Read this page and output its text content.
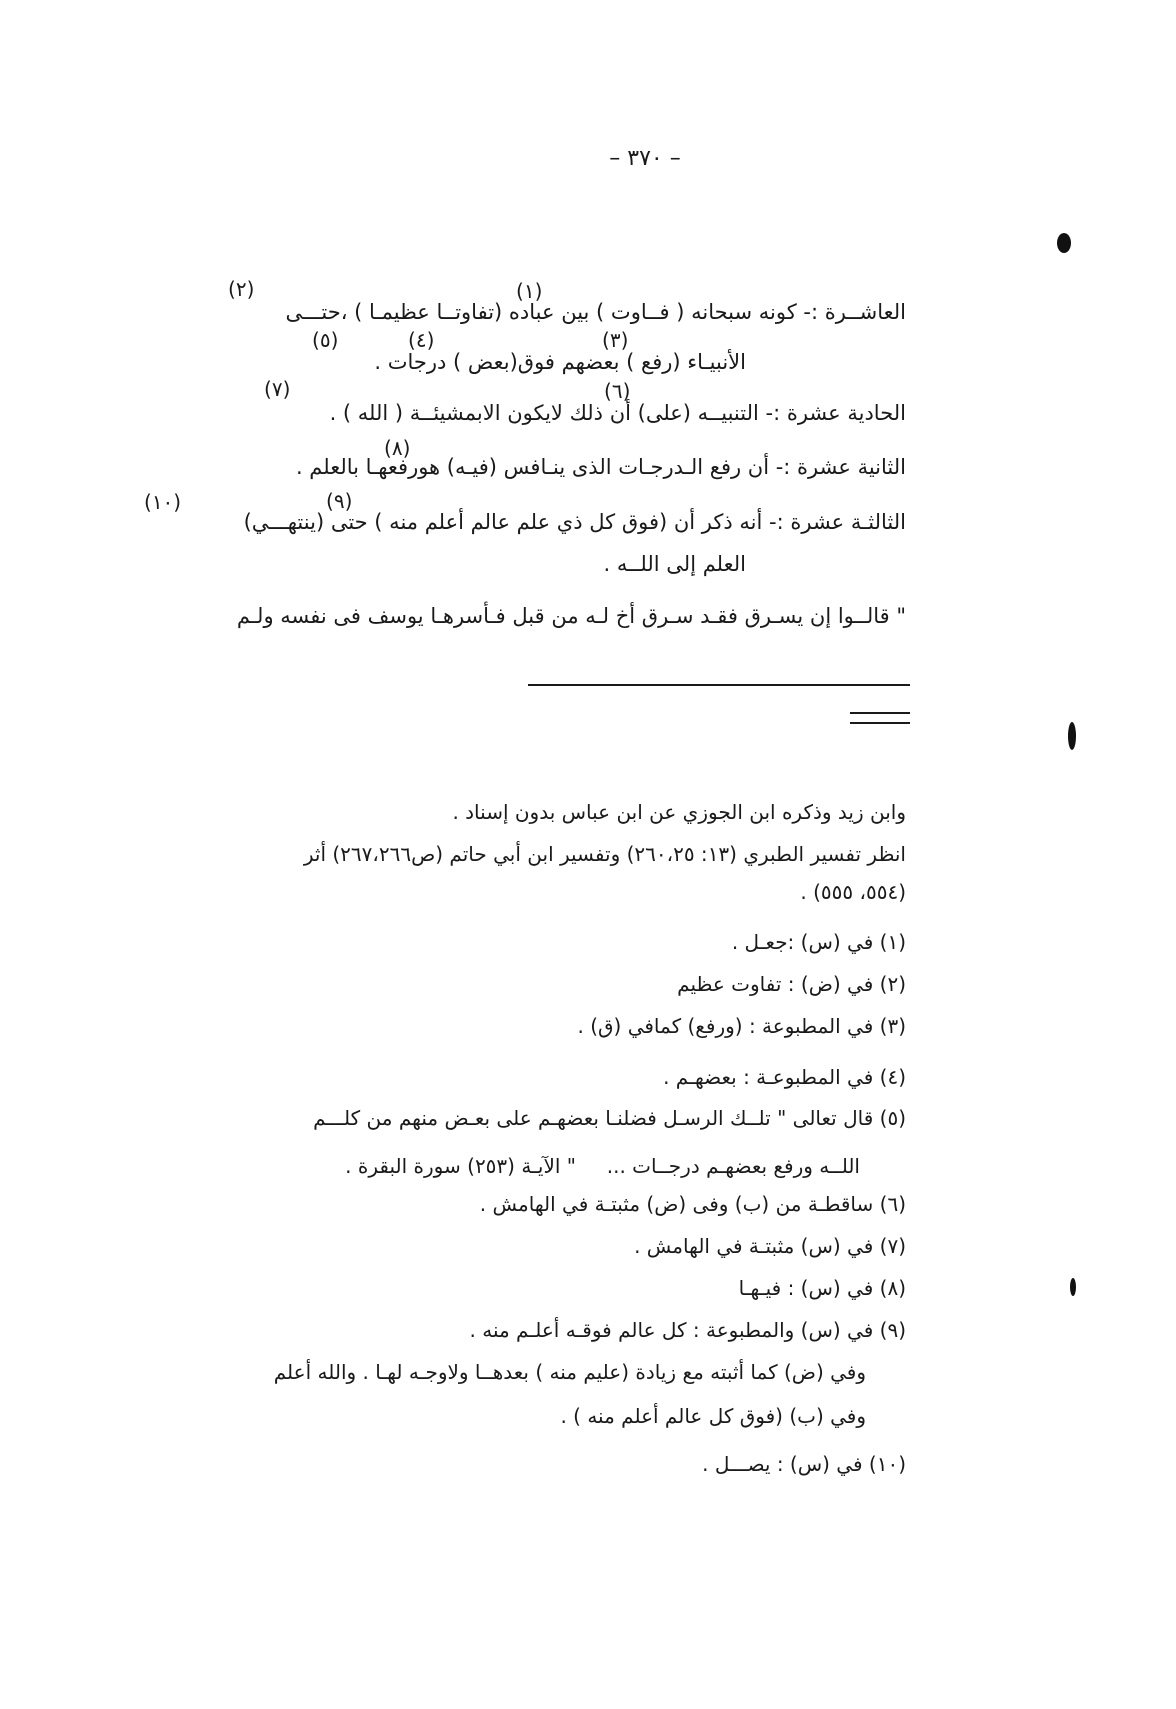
– ٣٧٠ –
(٢)	(١)
(٥)	(٤)	(٣)
(٧)	(٦)
(٨)
(١٠)	(٩)
العاشــرة :- كونه سبحانه ( فــاوت ) بين عباده (تفاوتــا عظيمـا ) ،حتـــى
الأنبيـاء (رفع ) بعضهم فوق(بعض ) درجات .
الحادية عشرة :- التنبيــه (على) أن ذلك لايكون الابمشيئــة ( الله ) .
الثانية عشرة :- أن رفع الـدرجـات الذى ينـافس (فيـه) هورفعهـا بالعلم .
الثالثـة عشرة :- أنه ذكر أن (فوق كل ذي علم عالم أعلم منه ) حتى (ينتهـــي)
العلم إلى اللــه .
" قالــوا إن يسـرق فقـد سـرق أخ لـه من قبل فـأسرهـا يوسف فى نفسه ولـم
وابن زيد وذكره ابن الجوزي عن ابن عباس بدون إسناد .
انظر تفسير الطبري (١٣: ٢٦٠،٢٥) وتفسير ابن أبي حاتم (ص٢٦٧،٢٦٦) أثر
(٥٥٤، ٥٥٥) .
(١) في (س) :جعـل .
(٢) في (ض) : تفاوت عظيم
(٣) في المطبوعة : (ورفع) كمافي (ق) .
(٤) في المطبوعـة : بعضهـم .
(٥) قال تعالى " تلــك الرسـل فضلنـا بعضهـم على بعـض منهم من كلـــم
اللــه ورفع بعضهـم درجــات ...
" الآيـة (٢٥٣) سورة البقرة .
(٦) ساقطـة من (ب) وفى (ض) مثبتـة في الهامش .
(٧) في (س) مثبتـة في الهامش .
(٨) في (س) : فيـهـا
(٩) في (س) والمطبوعة : كل عالم فوقـه أعلـم منه .
وفي (ض) كما أثبته مع زيادة (عليم منه ) بعدهــا ولاوجـه لهـا . والله أعلم
وفي (ب) (فوق كل عالم أعلم منه ) .
(١٠) في (س) : يصـــل .
